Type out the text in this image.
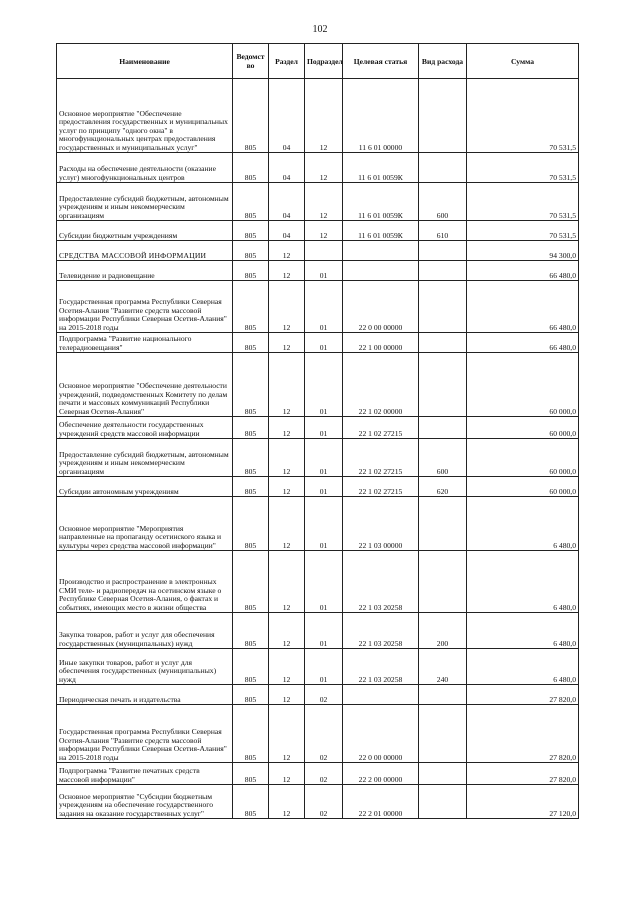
102
Наименование	Ведомст во	Раздел	Подраздел	Целевая статья	Вид расхода	Сумма
Основное мероприятие "Обеспечение предоставления государственных и муниципальных услуг по принципу "одного окна" в многофункциональных центрах предоставления государственных и муниципальных услуг"	805	04	12	11 6 01 00000		70 531,5
Расходы на обеспечение деятельности (оказание услуг) многофункциональных центров	805	04	12	11 6 01 0059К		70 531,5
Предоставление субсидий бюджетным, автономным учреждениям и иным некоммерческим организациям	805	04	12	11 6 01 0059К	600	70 531,5
Субсидии бюджетным учреждениям	805	04	12	11 6 01 0059К	610	70 531,5
СРЕДСТВА МАССОВОЙ ИНФОРМАЦИИ	805	12				94 300,0
Телевидение и радиовещание	805	12	01			66 480,0
Государственная программа Республики Северная Осетия-Алания "Развитие средств массовой информации Республики Северная Осетия-Алания" на 2015-2018 годы	805	12	01	22 0 00 00000		66 480,0
Подпрограмма "Развитие национального телерадиовещания"	805	12	01	22 1 00 00000		66 480,0
Основное мероприятие "Обеспечение деятельности учреждений, подведомственных Комитету по делам печати и массовых коммуникаций Республики Северная Осетия-Алания"	805	12	01	22 1 02 00000		60 000,0
Обеспечение деятельности государственных учреждений средств массовой информации	805	12	01	22 1 02 27215		60 000,0
Предоставление субсидий бюджетным, автономным учреждениям и иным некоммерческим организациям	805	12	01	22 1 02 27215	600	60 000,0
Субсидии автономным учреждениям	805	12	01	22 1 02 27215	620	60 000,0
Основное мероприятие "Мероприятия направленные на пропаганду осетинского языка и культуры через средства массовой информации"	805	12	01	22 1 03 00000		6 480,0
Производство и распространение в электронных СМИ теле- и радиопередач на осетинском языке о Республике Северная Осетия-Алания, о фактах и событиях, имеющих место в жизни общества	805	12	01	22 1 03 20258		6 480,0
Закупка товаров, работ и услуг для обеспечения государственных (муниципальных) нужд	805	12	01	22 1 03 20258	200	6 480,0
Иные закупки товаров, работ и услуг для обеспечения государственных (муниципальных) нужд	805	12	01	22 1 03 20258	240	6 480,0
Периодическая печать и издательства	805	12	02			27 820,0
Государственная программа Республики Северная Осетия-Алания "Развитие средств массовой информации Республики Северная Осетия-Алания" на 2015-2018 годы	805	12	02	22 0 00 00000		27 820,0
Подпрограмма "Развитие печатных средств массовой информации"	805	12	02	22 2 00 00000		27 820,0
Основное мероприятие "Субсидии бюджетным учреждениям на обеспечение государственного задания на оказание государственных услуг"	805	12	02	22 2 01 00000		27 120,0
